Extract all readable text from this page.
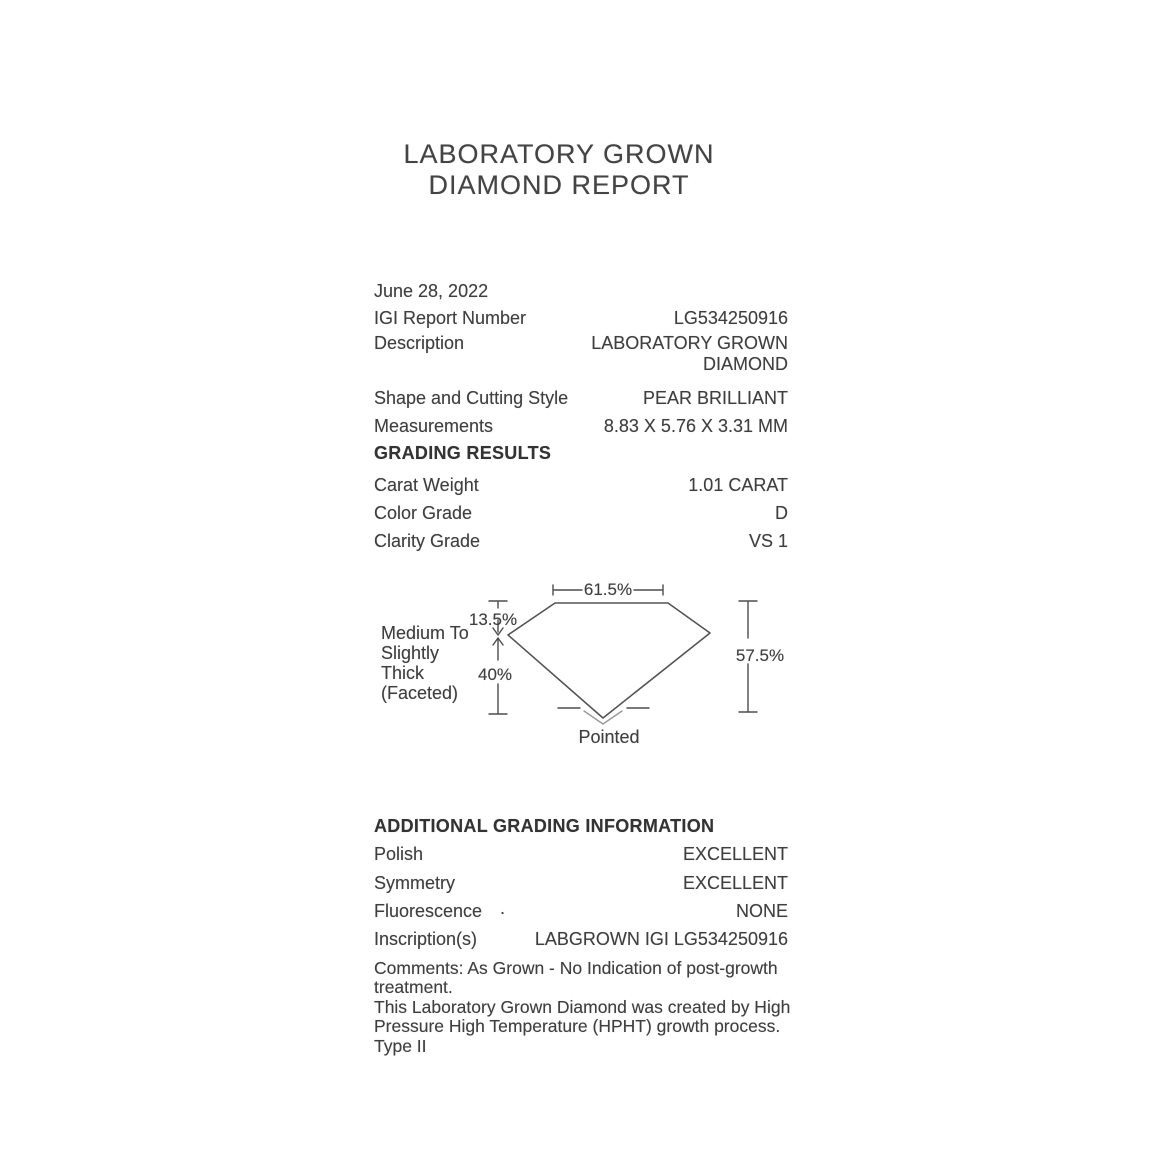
LABORATORY GROWN
DIAMOND REPORT
June 28, 2022
IGI Report Number	LG534250916
Description	LABORATORY GROWN DIAMOND
Shape and Cutting Style	PEAR BRILLIANT
Measurements	8.83 X 5.76 X 3.31 MM
GRADING RESULTS
Carat Weight	1.01 CARAT
Color Grade	D
Clarity Grade	VS 1
61.5%
13.5%
40%
57.5%
Medium To
Slightly
Thick
(Faceted)
Pointed
ADDITIONAL GRADING INFORMATION
Polish	EXCELLENT
Symmetry	EXCELLENT
Fluorescence	NONE
.
Inscription(s)	LABGROWN IGI LG534250916
Comments: As Grown - No Indication of post-growth
treatment.
This Laboratory Grown Diamond was created by High
Pressure High Temperature (HPHT) growth process.
Type II
